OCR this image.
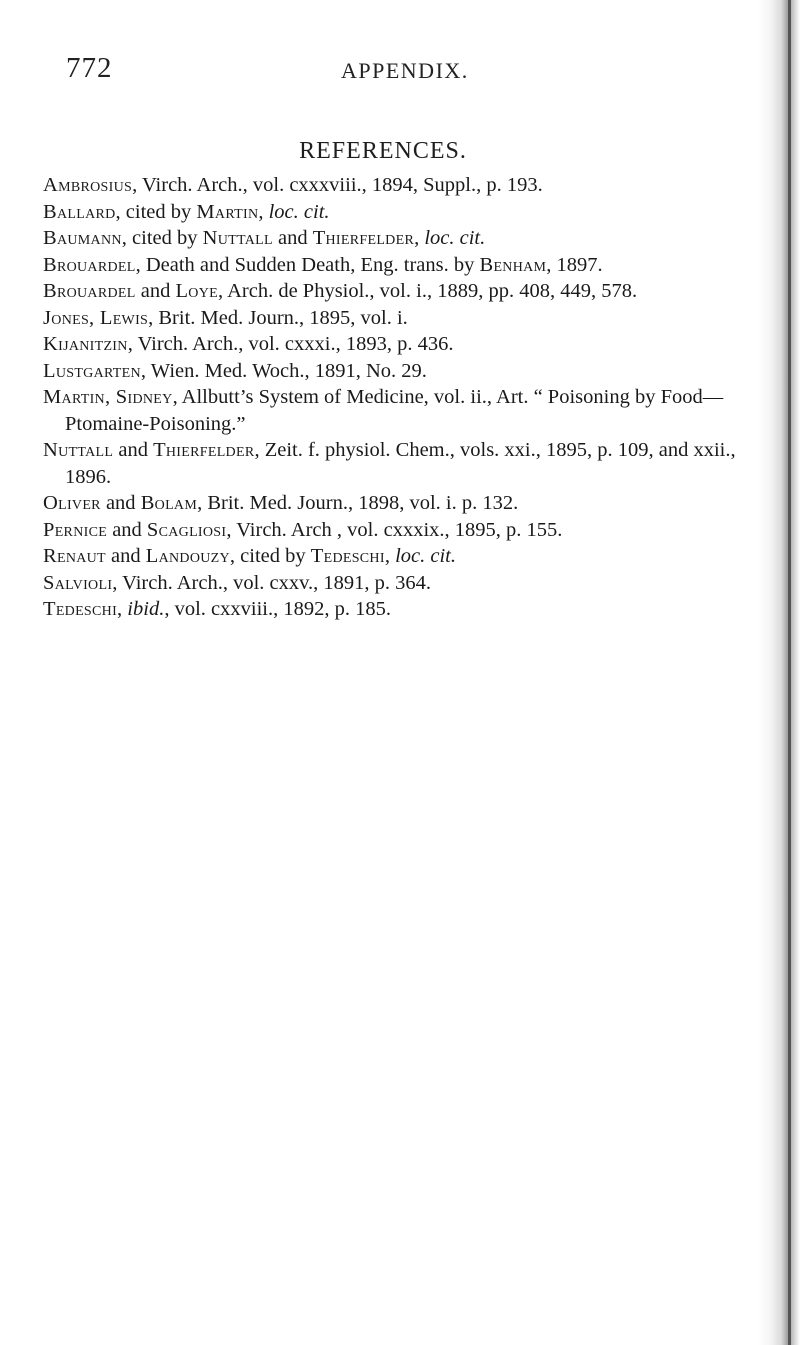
772	APPENDIX.
REFERENCES.
Ambrosius, Virch. Arch., vol. cxxxviii., 1894, Suppl., p. 193.
Ballard, cited by Martin, loc. cit.
Baumann, cited by Nuttall and Thierfelder, loc. cit.
Brouardel, Death and Sudden Death, Eng. trans. by Benham, 1897.
Brouardel and Loye, Arch. de Physiol., vol. i., 1889, pp. 408, 449, 578.
Jones, Lewis, Brit. Med. Journ., 1895, vol. i.
Kijanitzin, Virch. Arch., vol. cxxxi., 1893, p. 436.
Lustgarten, Wien. Med. Woch., 1891, No. 29.
Martin, Sidney, Allbutt’s System of Medicine, vol. ii., Art. “ Poisoning by Food—Ptomaine-Poisoning.”
Nuttall and Thierfelder, Zeit. f. physiol. Chem., vols. xxi., 1895, p. 109, and xxii., 1896.
Oliver and Bolam, Brit. Med. Journ., 1898, vol. i. p. 132.
Pernice and Scagliosi, Virch. Arch , vol. cxxxix., 1895, p. 155.
Renaut and Landouzy, cited by Tedeschi, loc. cit.
Salvioli, Virch. Arch., vol. cxxv., 1891, p. 364.
Tedeschi, ibid., vol. cxxviii., 1892, p. 185.
